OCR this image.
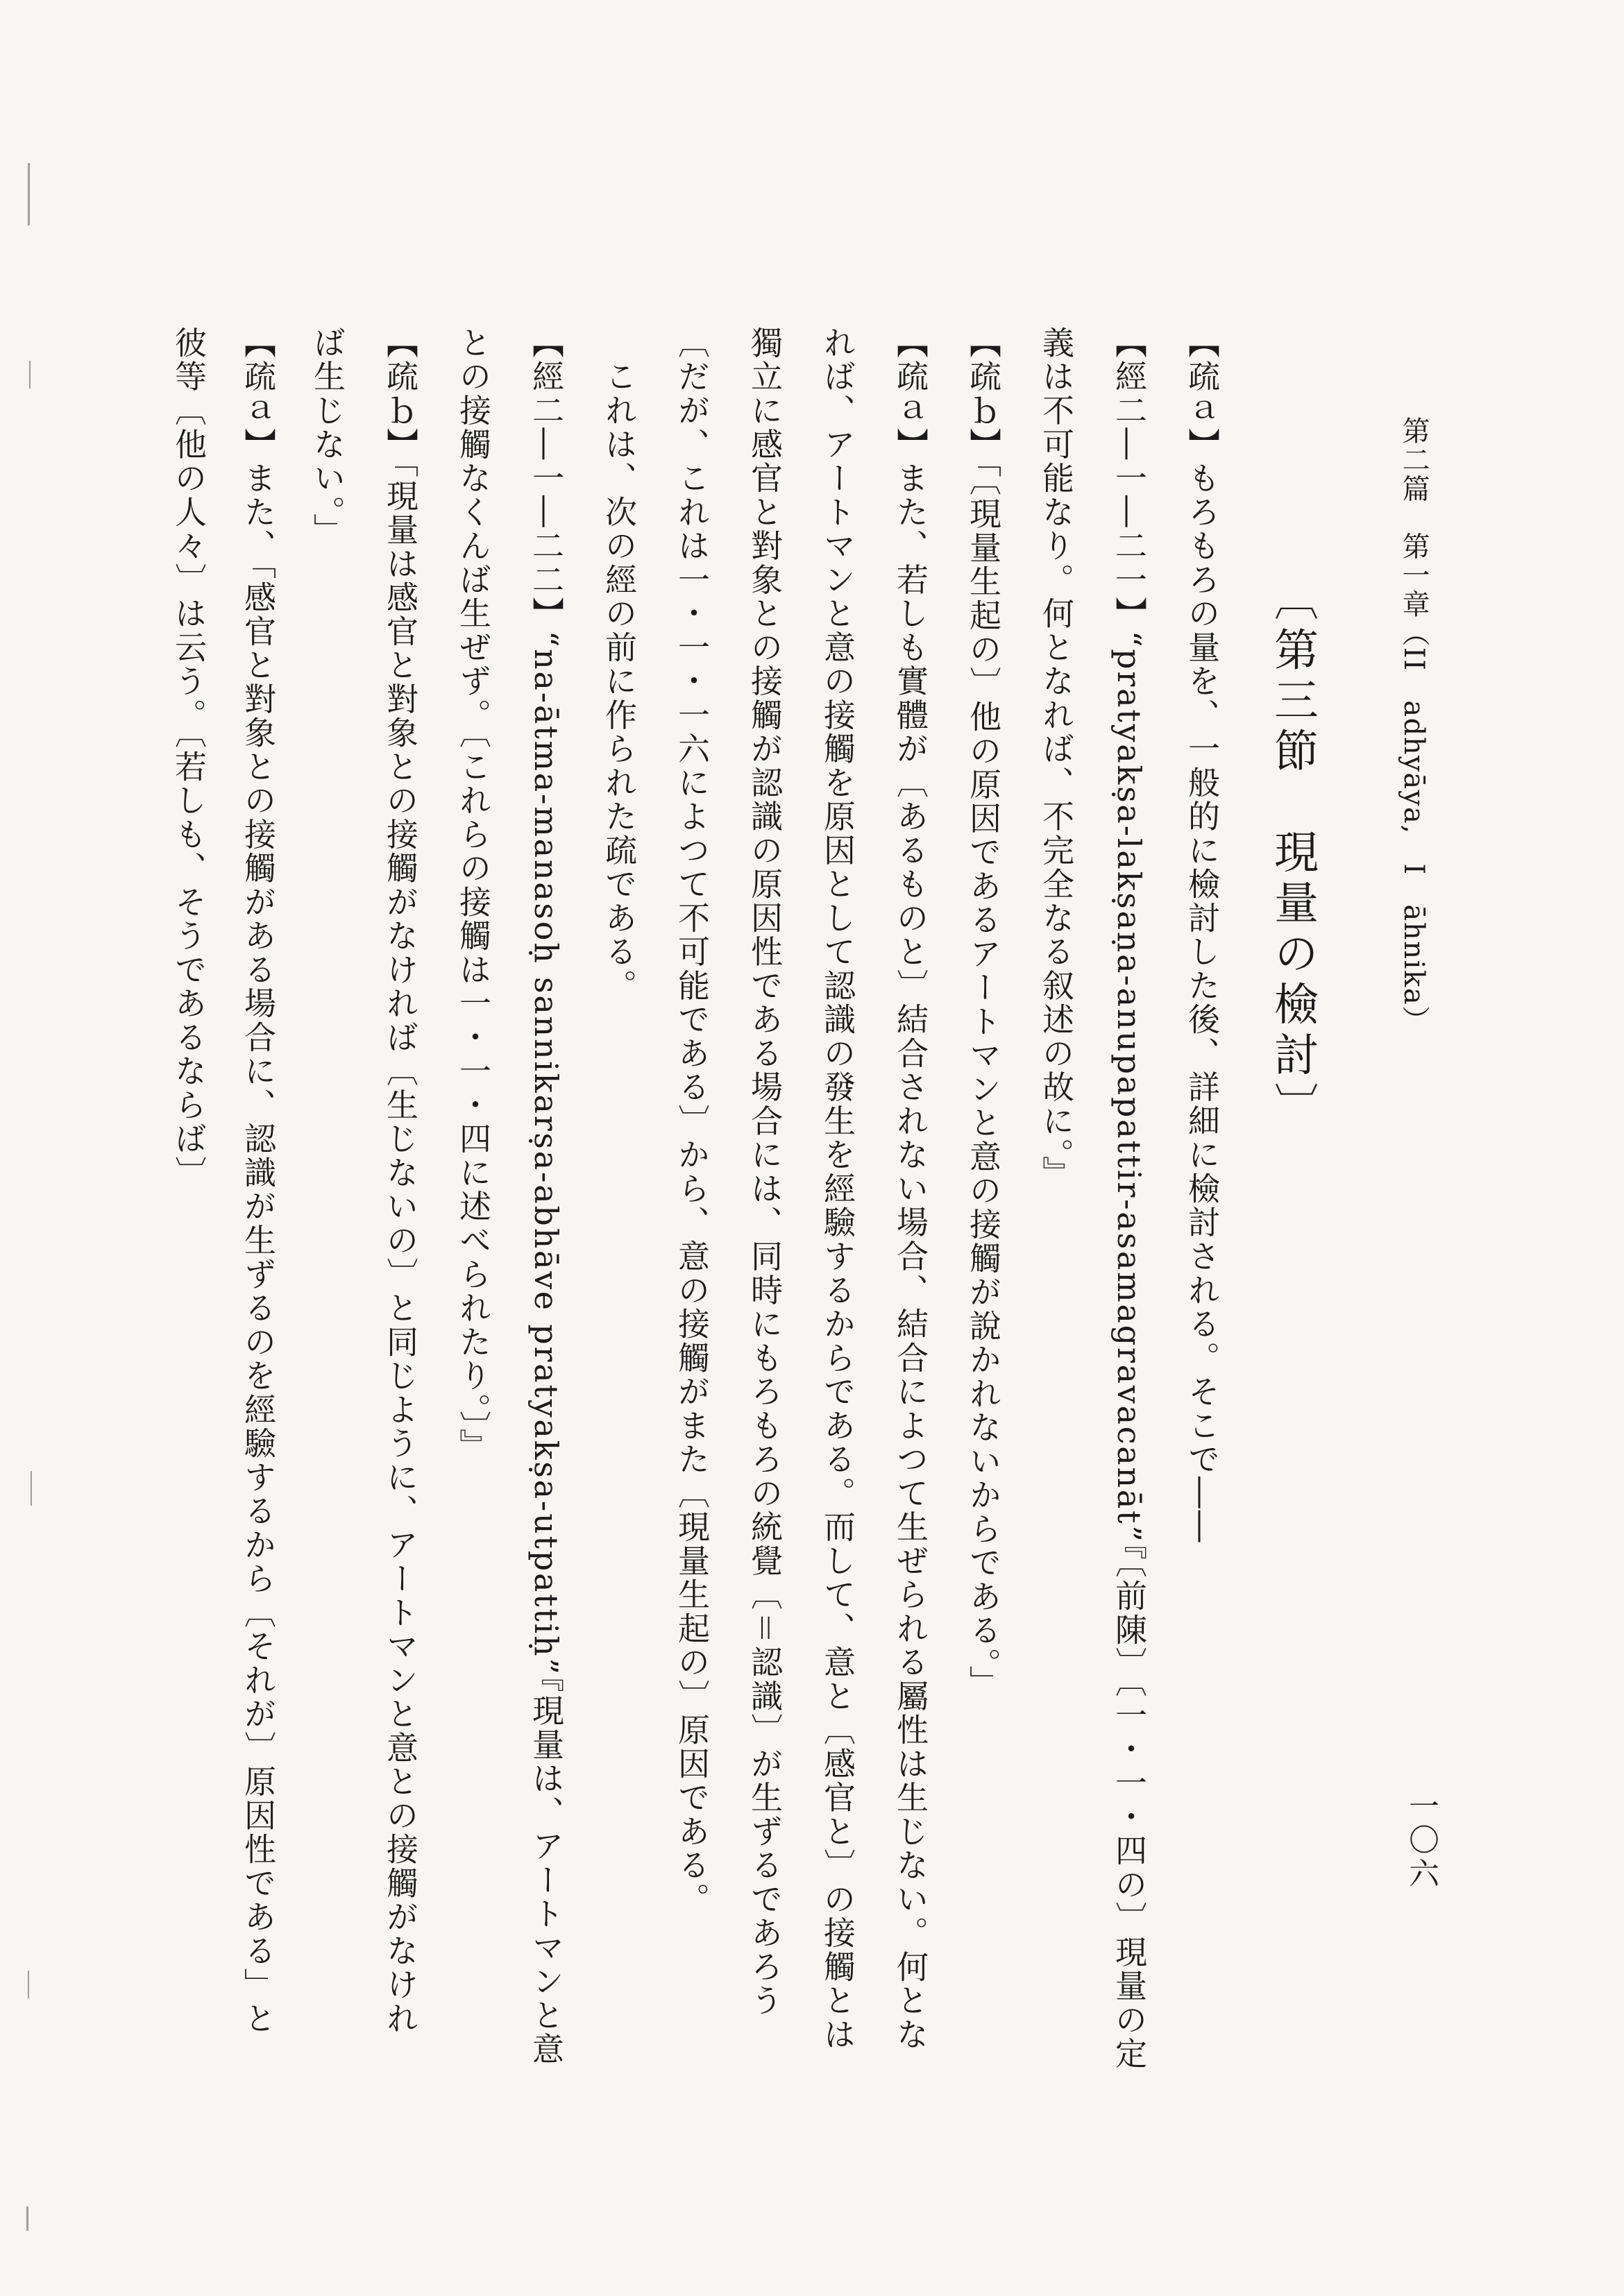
第二篇　第一章（II　adhyāya,　I　āhnika）
一〇六
〔第三節　現量の檢討〕
【疏ａ】もろもろの量を、一般的に檢討した後、詳細に檢討される。そこで――
【經二―一―二一】“pratyakṣa-lakṣaṇa-anupapattir-asamagravacanāt”『〔前陳〕〔一・一・四の〕現量の定
義は不可能なり。何となれば、不完全なる叙述の故に。』
【疏ｂ】「〔現量生起の〕他の原因であるアートマンと意の接觸が說かれないからである。」
【疏ａ】また、若しも實體が〔あるものと〕結合されない場合、結合によつて生ぜられる屬性は生じない。何とな
れば、アートマンと意の接觸を原因として認識の發生を經驗するからである。而して、意と〔感官と〕の接觸とは
獨立に感官と對象との接觸が認識の原因性である場合には、同時にもろもろの統覺〔＝認識〕が生ずるであろう
〔だが、これは一・一・一六によつて不可能である〕から、意の接觸がまた〔現量生起の〕原因である。
　これは、次の經の前に作られた疏である。
【經二―一―二二】“na-ātma-manasoḥ sannikarṣa-abhāve pratyakṣa-utpattiḥ”『現量は、アートマンと意
との接觸なくんば生ぜず。〔これらの接觸は一・一・四に述べられたり。〕』
【疏ｂ】「現量は感官と對象との接觸がなければ〔生じないの〕と同じように、アートマンと意との接觸がなけれ
ば生じない。」
【疏ａ】また、「感官と對象との接觸がある場合に、認識が生ずるのを經驗するから〔それが〕原因性である」と
彼等〔他の人々〕は云う。〔若しも、そうであるならば〕
